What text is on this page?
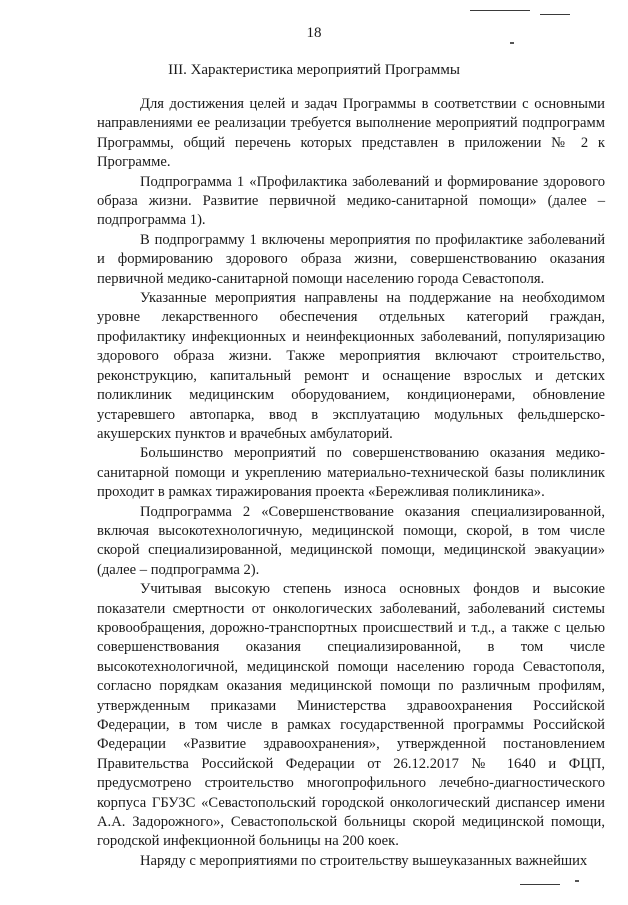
18
III. Характеристика мероприятий Программы

Для достижения целей и задач Программы в соответствии с основными направлениями ее реализации требуется выполнение мероприятий подпрограмм Программы, общий перечень которых представлен в приложении № 2 к Программе.

Подпрограмма 1 «Профилактика заболеваний и формирование здорового образа жизни. Развитие первичной медико-санитарной помощи» (далее – подпрограмма 1).

В подпрограмму 1 включены мероприятия по профилактике заболеваний и формированию здорового образа жизни, совершенствованию оказания первичной медико-санитарной помощи населению города Севастополя.

Указанные мероприятия направлены на поддержание на необходимом уровне лекарственного обеспечения отдельных категорий граждан, профилактику инфекционных и неинфекционных заболеваний, популяризацию здорового образа жизни. Также мероприятия включают строительство, реконструкцию, капитальный ремонт и оснащение взрослых и детских поликлиник медицинским оборудованием, кондиционерами, обновление устаревшего автопарка, ввод в эксплуатацию модульных фельдшерско-акушерских пунктов и врачебных амбулаторий.

Большинство мероприятий по совершенствованию оказания медико-санитарной помощи и укреплению материально-технической базы поликлиник проходит в рамках тиражирования проекта «Бережливая поликлиника».

Подпрограмма 2 «Совершенствование оказания специализированной, включая высокотехнологичную, медицинской помощи, скорой, в том числе скорой специализированной, медицинской помощи, медицинской эвакуации» (далее – подпрограмма 2).

Учитывая высокую степень износа основных фондов и высокие показатели смертности от онкологических заболеваний, заболеваний системы кровообращения, дорожно-транспортных происшествий и т.д., а также с целью совершенствования оказания специализированной, в том числе высокотехнологичной, медицинской помощи населению города Севастополя, согласно порядкам оказания медицинской помощи по различным профилям, утвержденным приказами Министерства здравоохранения Российской Федерации, в том числе в рамках государственной программы Российской Федерации «Развитие здравоохранения», утвержденной постановлением Правительства Российской Федерации от 26.12.2017 № 1640 и ФЦП, предусмотрено строительство многопрофильного лечебно-диагностического корпуса ГБУЗС «Севастопольский городской онкологический диспансер имени А.А. Задорожного», Севастопольской больницы скорой медицинской помощи, городской инфекционной больницы на 200 коек.

Наряду с мероприятиями по строительству вышеуказанных важнейших
